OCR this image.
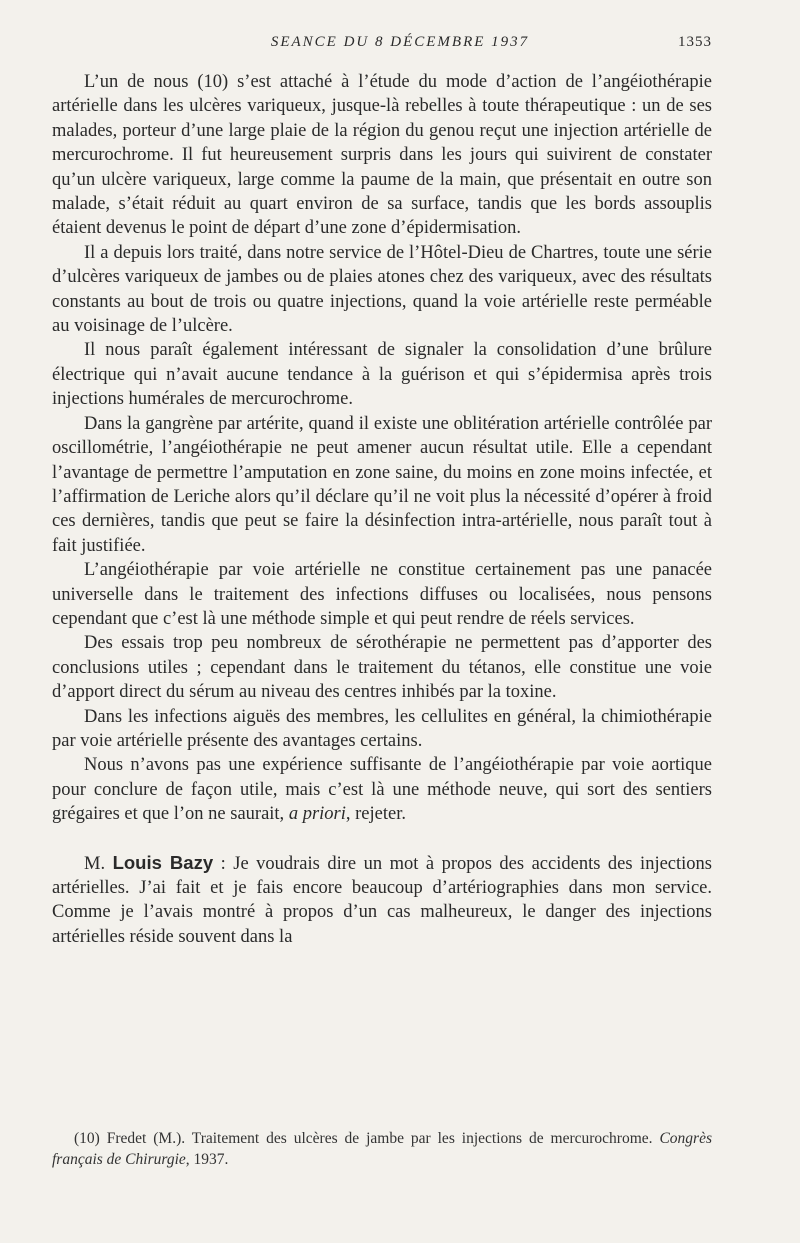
SEANCE DU 8 DÉCEMBRE 1937	1353

L’un de nous (10) s’est attaché à l’étude du mode d’action de l’angéiothérapie artérielle dans les ulcères variqueux, jusque-là rebelles à toute thérapeutique : un de ses malades, porteur d’une large plaie de la région du genou reçut une injection artérielle de mercurochrome. Il fut heureusement surpris dans les jours qui suivirent de constater qu’un ulcère variqueux, large comme la paume de la main, que présentait en outre son malade, s’était réduit au quart environ de sa surface, tandis que les bords assouplis étaient devenus le point de départ d’une zone d’épidermisation.

Il a depuis lors traité, dans notre service de l’Hôtel-Dieu de Chartres, toute une série d’ulcères variqueux de jambes ou de plaies atones chez des variqueux, avec des résultats constants au bout de trois ou quatre injections, quand la voie artérielle reste perméable au voisinage de l’ulcère.

Il nous paraît également intéressant de signaler la consolidation d’une brûlure électrique qui n’avait aucune tendance à la guérison et qui s’épidermisa après trois injections humérales de mercurochrome.

Dans la gangrène par artérite, quand il existe une oblitération artérielle contrôlée par oscillométrie, l’angéiothérapie ne peut amener aucun résultat utile. Elle a cependant l’avantage de permettre l’amputation en zone saine, du moins en zone moins infectée, et l’affirmation de Leriche alors qu’il déclare qu’il ne voit plus la nécessité d’opérer à froid ces dernières, tandis que peut se faire la désinfection intra-artérielle, nous paraît tout à fait justifiée.

L’angéiothérapie par voie artérielle ne constitue certainement pas une panacée universelle dans le traitement des infections diffuses ou localisées, nous pensons cependant que c’est là une méthode simple et qui peut rendre de réels services.

Des essais trop peu nombreux de sérothérapie ne permettent pas d’apporter des conclusions utiles ; cependant dans le traitement du tétanos, elle constitue une voie d’apport direct du sérum au niveau des centres inhibés par la toxine.

Dans les infections aiguës des membres, les cellulites en général, la chimiothérapie par voie artérielle présente des avantages certains.

Nous n’avons pas une expérience suffisante de l’angéiothérapie par voie aortique pour conclure de façon utile, mais c’est là une méthode neuve, qui sort des sentiers grégaires et que l’on ne saurait, a priori, rejeter.

M. Louis Bazy : Je voudrais dire un mot à propos des accidents des injections artérielles. J’ai fait et je fais encore beaucoup d’artériographies dans mon service. Comme je l’avais montré à propos d’un cas malheureux, le danger des injections artérielles réside souvent dans la

(10) Fredet (M.). Traitement des ulcères de jambe par les injections de mercurochrome. Congrès français de Chirurgie, 1937.
